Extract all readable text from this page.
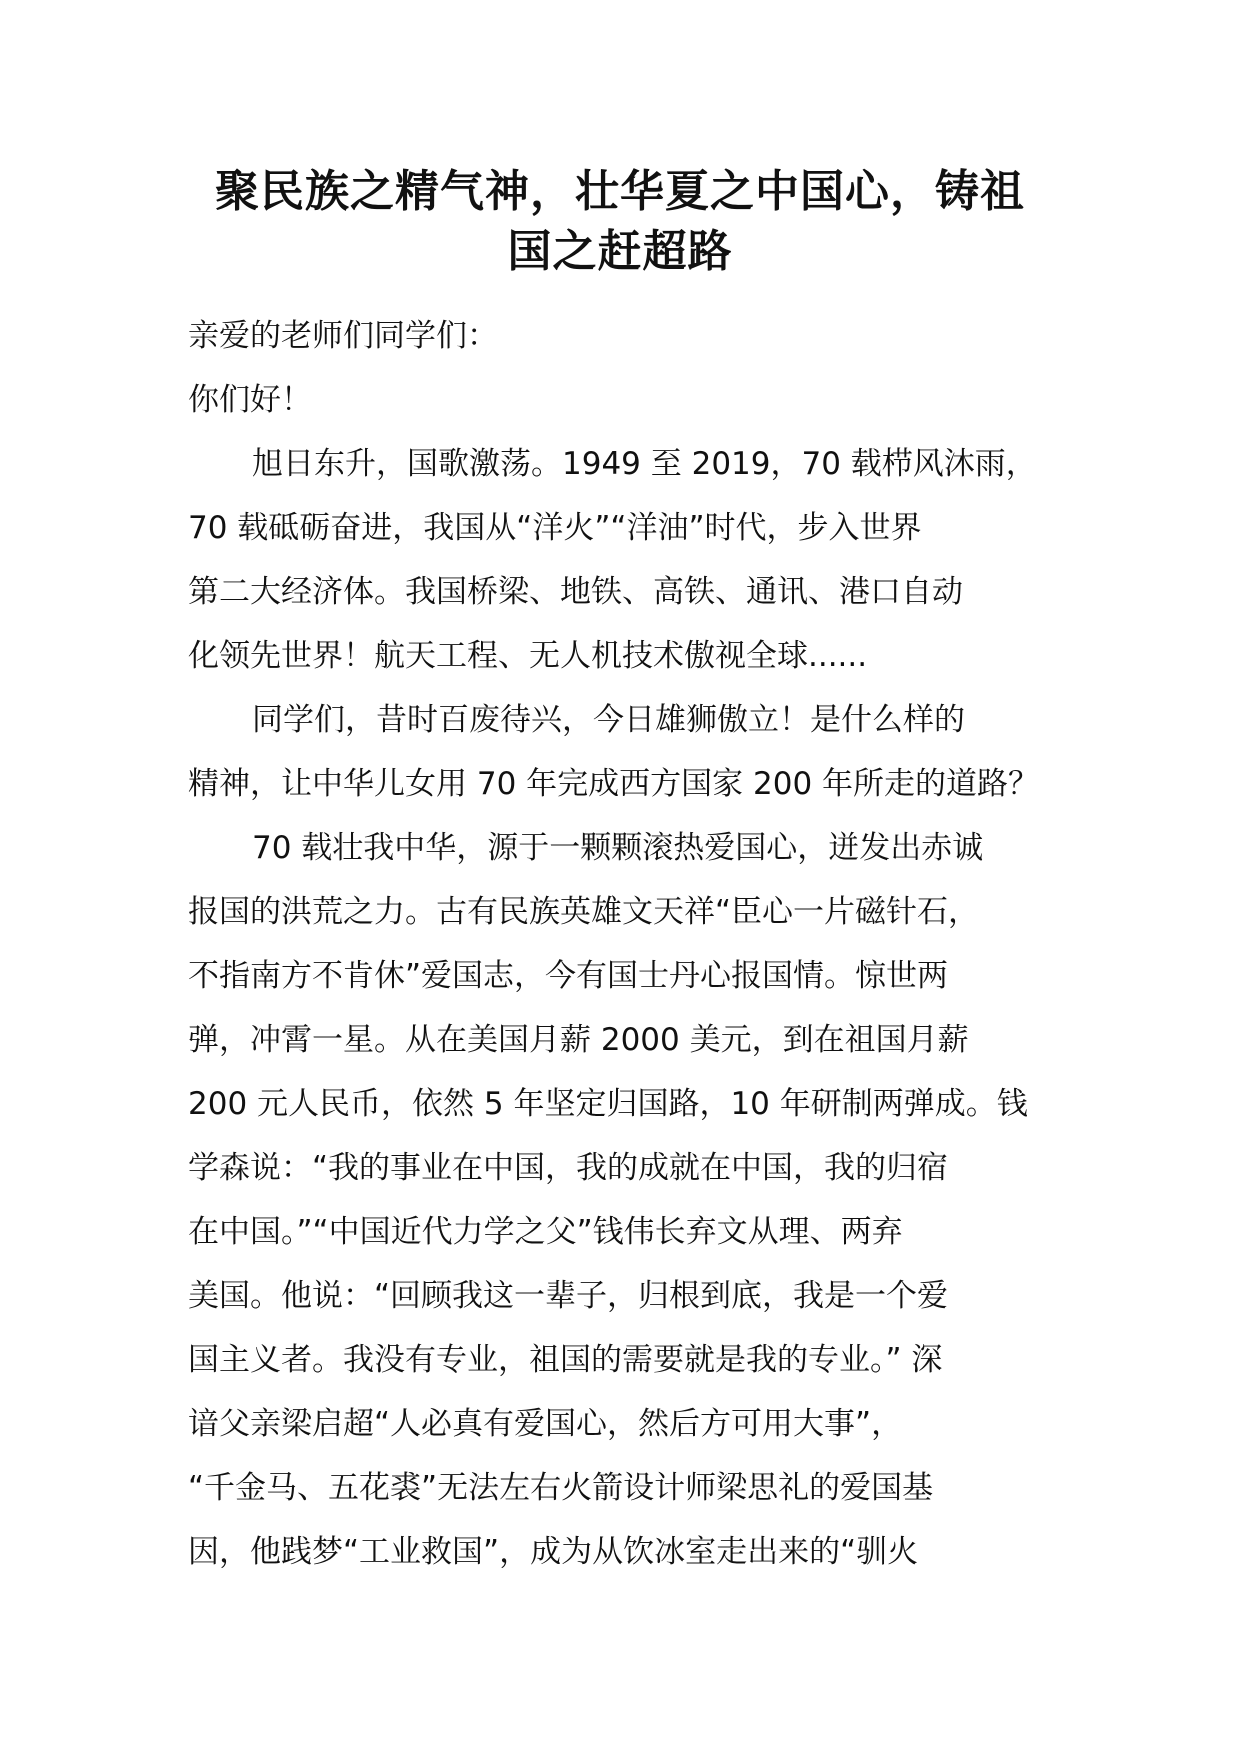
聚民族之精气神，壮华夏之中国心，铸祖
国之赶超路
亲爱的老师们同学们：
你们好！
旭日东升，国歌激荡。1949 至 2019，70 载栉风沐雨，
70 载砥砺奋进，我国从“洋火”“洋油”时代，步入世界
第二大经济体。我国桥梁、地铁、高铁、通讯、港口自动
化领先世界！航天工程、无人机技术傲视全球......
同学们，昔时百废待兴，今日雄狮傲立！是什么样的
精神，让中华儿女用 70 年完成西方国家 200 年所走的道路？
70 载壮我中华，源于一颗颗滚热爱国心，迸发出赤诚
报国的洪荒之力。古有民族英雄文天祥“臣心一片磁针石，
不指南方不肯休”爱国志，今有国士丹心报国情。惊世两
弹，冲霄一星。从在美国月薪 2000 美元，到在祖国月薪
200 元人民币，依然 5 年坚定归国路，10 年研制两弹成。钱
学森说：“我的事业在中国，我的成就在中国，我的归宿
在中国。”“中国近代力学之父”钱伟长弃文从理、两弃
美国。他说：“回顾我这一辈子，归根到底，我是一个爱
国主义者。我没有专业，祖国的需要就是我的专业。” 深
谙父亲梁启超“人必真有爱国心，然后方可用大事”，
“千金马、五花裘”无法左右火箭设计师梁思礼的爱国基
因，他践梦“工业救国”，成为从饮冰室走出来的“驯火
